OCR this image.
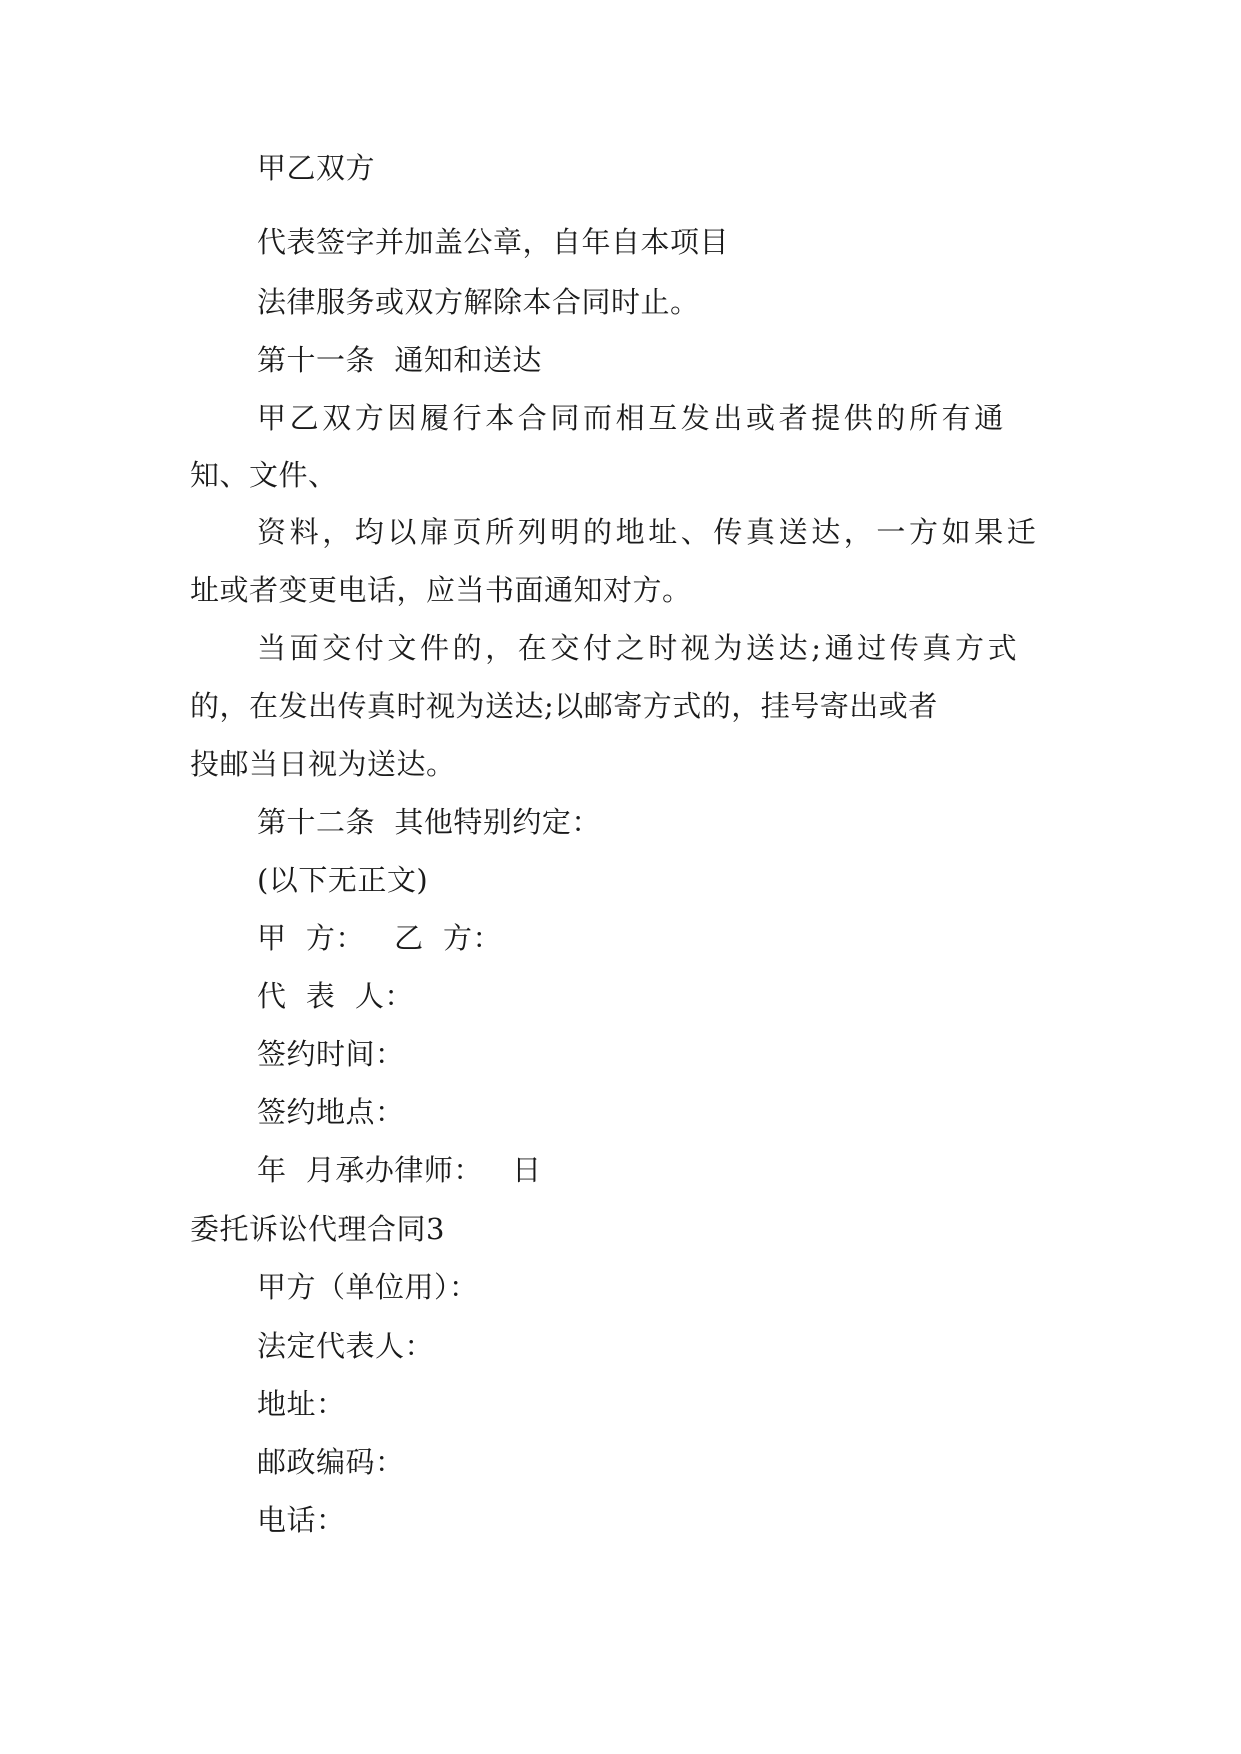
甲乙双方
代表签字并加盖公章，自年自本项目
法律服务或双方解除本合同时止。
第十一条  通知和送达
甲乙双方因履行本合同而相互发出或者提供的所有通
知、文件、
资料，均以扉页所列明的地址、传真送达，一方如果迁
址或者变更电话，应当书面通知对方。
当面交付文件的，在交付之时视为送达;通过传真方式
的，在发出传真时视为送达;以邮寄方式的，挂号寄出或者
投邮当日视为送达。
第十二条  其他特别约定：
(以下无正文)
甲  方：   乙  方：
代  表  人：
签约时间：
签约地点：
年  月承办律师：   日
委托诉讼代理合同3
甲方（单位用）：
法定代表人：
地址：
邮政编码：
电话：
